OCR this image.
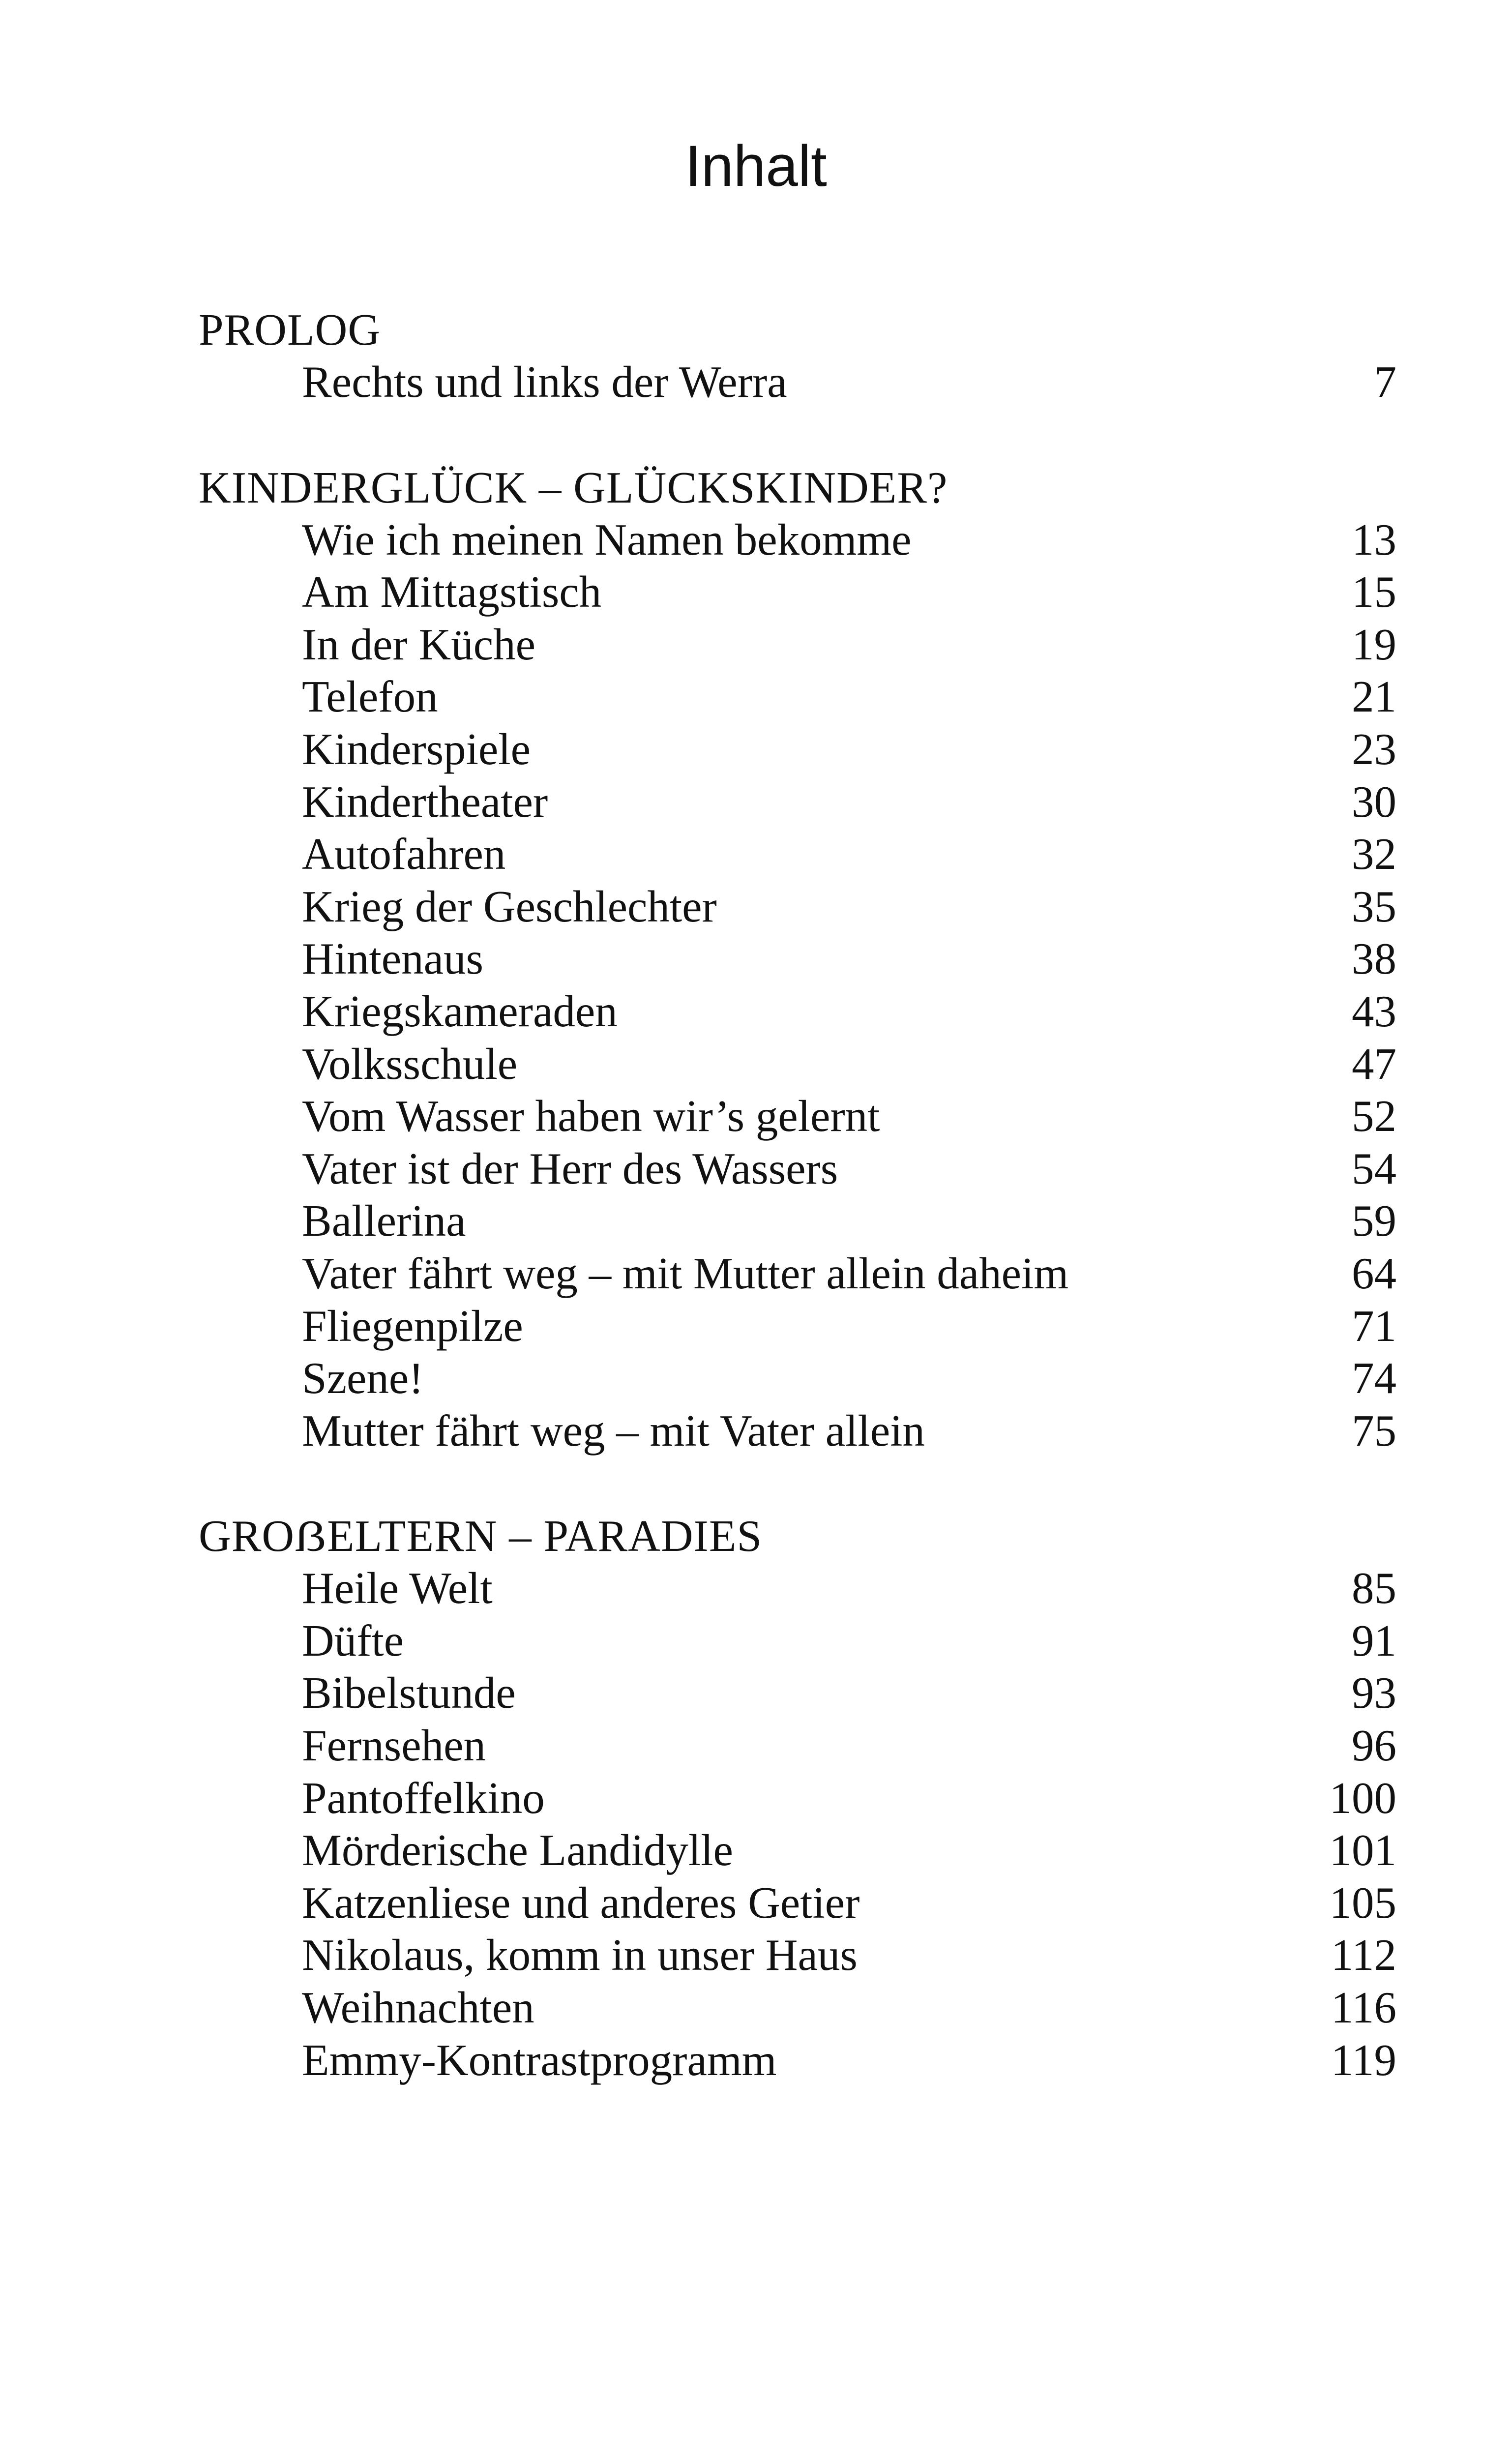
Inhalt
PROLOG
Rechts und links der Werra	7
KINDERGLÜCK – GLÜCKSKINDER?
Wie ich meinen Namen bekomme	13
Am Mittagstisch	15
In der Küche	19
Telefon	21
Kinderspiele	23
Kindertheater	30
Autofahren	32
Krieg der Geschlechter	35
Hintenaus	38
Kriegskameraden	43
Volksschule	47
Vom Wasser haben wir’s gelernt	52
Vater ist der Herr des Wassers	54
Ballerina	59
Vater fährt weg – mit Mutter allein daheim	64
Fliegenpilze	71
Szene!	74
Mutter fährt weg – mit Vater allein	75
GROẞELTERN – PARADIES
Heile Welt	85
Düfte	91
Bibelstunde	93
Fernsehen	96
Pantoffelkino	100
Mörderische Landidylle	101
Katzenliese und anderes Getier	105
Nikolaus, komm in unser Haus	112
Weihnachten	116
Emmy-Kontrastprogramm	119
